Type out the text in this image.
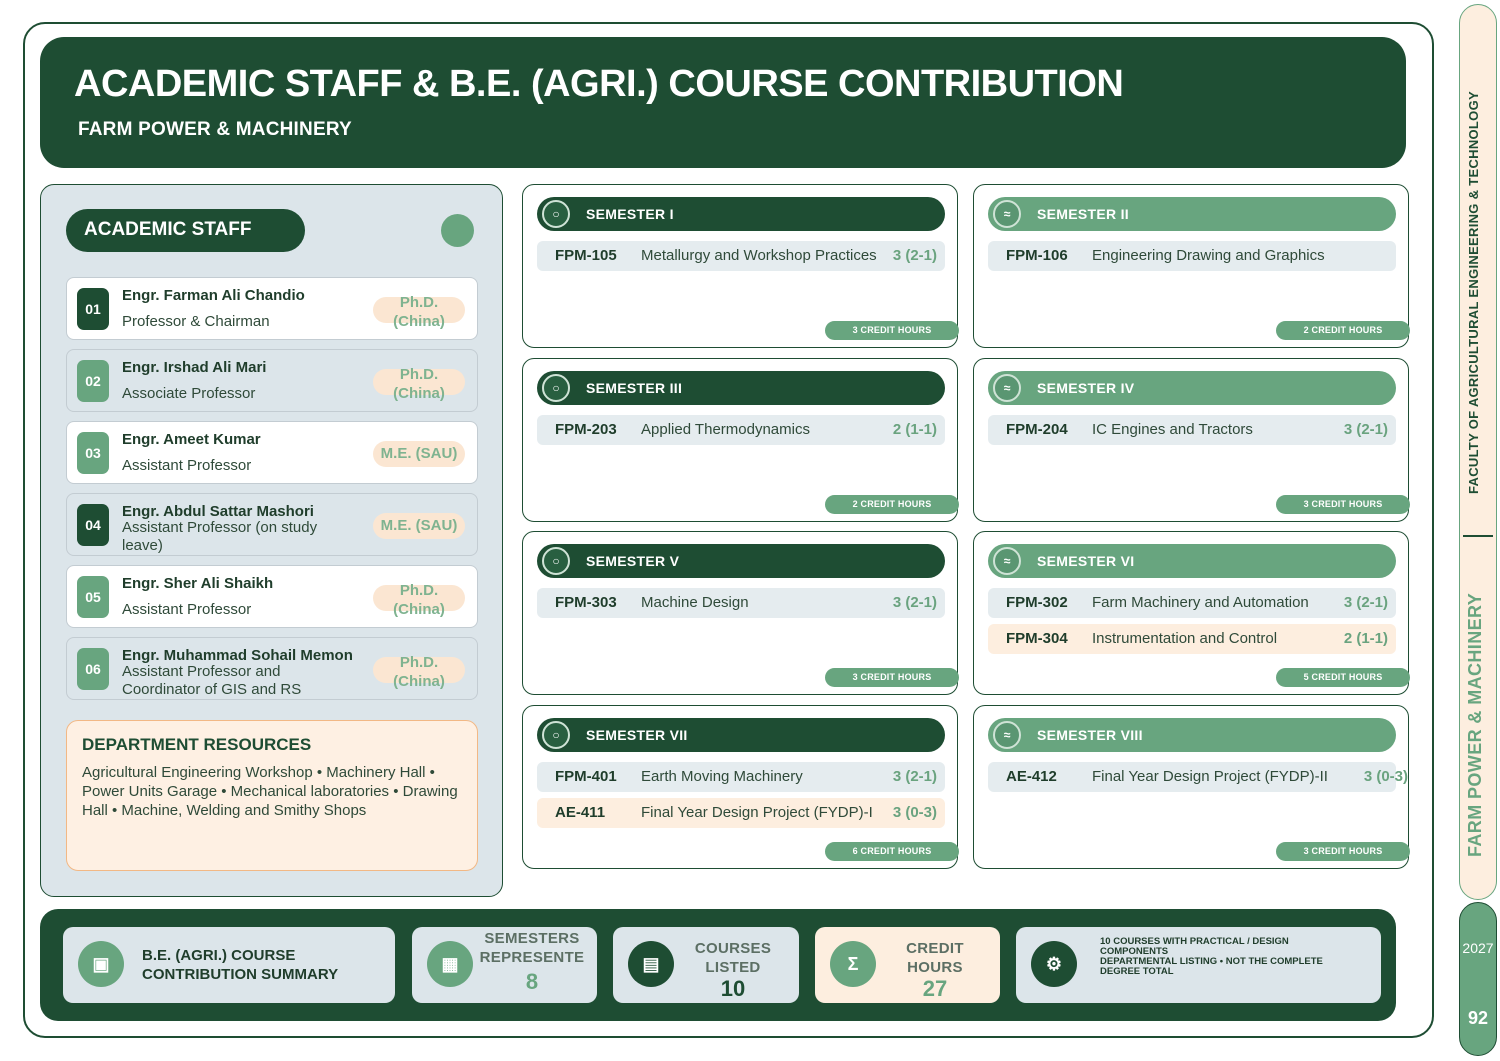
ACADEMIC STAFF & B.E. (AGRI.) COURSE CONTRIBUTION
FARM POWER & MACHINERY
ACADEMIC STAFF
01
Engr. Farman Ali Chandio
Professor & Chairman
Ph.D.
(China)
02
Engr. Irshad Ali Mari
Associate Professor
Ph.D.
(China)
03
Engr. Ameet Kumar
Assistant Professor
M.E. (SAU)
04
Engr. Abdul Sattar Mashori
Assistant Professor (on study leave)
M.E. (SAU)
05
Engr. Sher Ali Shaikh
Assistant Professor
Ph.D.
(China)
06
Engr. Muhammad Sohail Memon
Assistant Professor and Coordinator of GIS and RS
Ph.D.
(China)
DEPARTMENT RESOURCES

Agricultural Engineering Workshop • Machinery Hall • Power Units Garage • Mechanical laboratories • Drawing Hall • Machine, Welding and Smithy Shops

○	SEMESTER I
FPM-105 Metallurgy and Workshop Practices 3 (2-1)
3 CREDIT HOURS
≈	SEMESTER II
FPM-106 Engineering Drawing and Graphics
2 CREDIT HOURS
○	SEMESTER III
FPM-203 Applied Thermodynamics	2 (1-1)
2 CREDIT HOURS
≈	SEMESTER IV
FPM-204 IC Engines and Tractors	3 (2-1)
3 CREDIT HOURS
○	SEMESTER V
FPM-303 Machine Design	3 (2-1)
3 CREDIT HOURS
≈	SEMESTER VI
FPM-302 Farm Machinery and Automation 3 (2-1)
FPM-304 Instrumentation and Control	2 (1-1)
5 CREDIT HOURS
○	SEMESTER VII
FPM-401 Earth Moving Machinery	3 (2-1)
AE-411 Final Year Design Project (FYDP)-I 3 (0-3)
6 CREDIT HOURS
≈	SEMESTER VIII
AE-412 Final Year Design Project (FYDP)-II 3 (0-3)
3 CREDIT HOURS
▣	B.E. (AGRI.) COURSE
CONTRIBUTION SUMMARY
▦
SEMESTERS
REPRESENTE
8
▤
COURSES
LISTED
10
Σ
CREDIT
HOURS
27
⚙
10 COURSES WITH PRACTICAL / DESIGN
COMPONENTS
DEPARTMENTAL LISTING • NOT THE COMPLETE
DEGREE TOTAL
FACULTY OF AGRICULTURAL ENGINEERING & TECHNOLOGY
FARM POWER & MACHINERY
2027
92
